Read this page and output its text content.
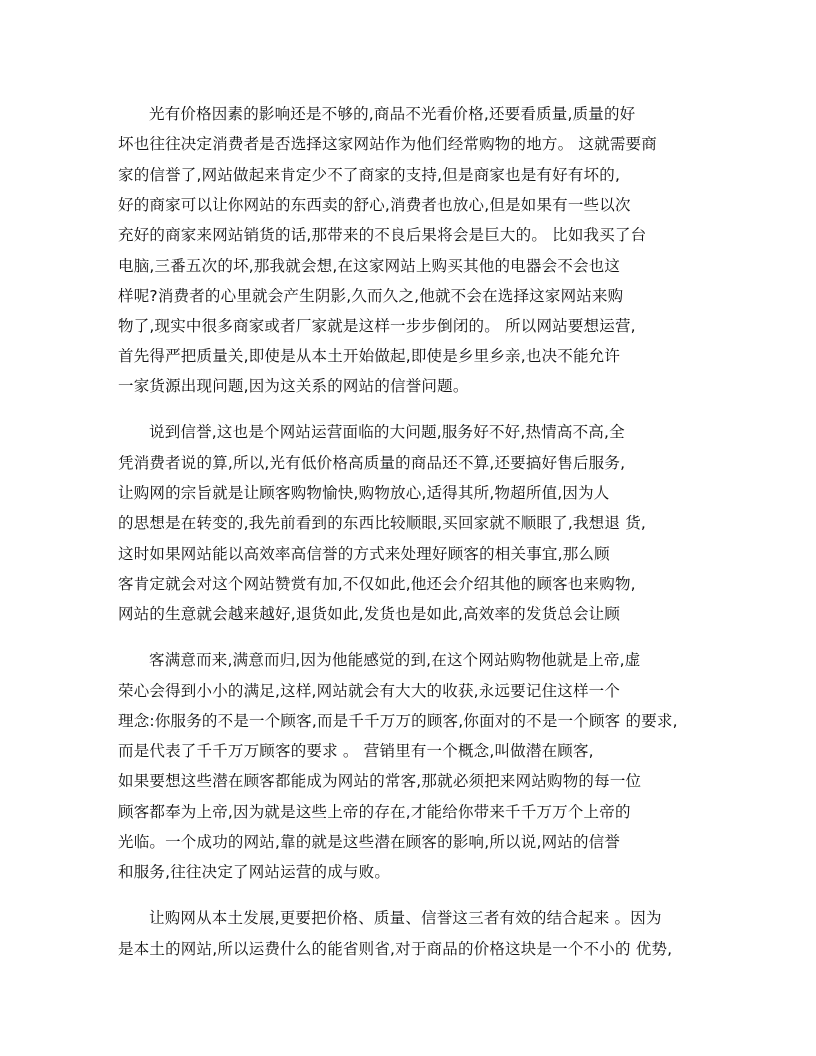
光有价格因素的影响还是不够的,商品不光看价格,还要看质量,质量的好
坏也往往决定消费者是否选择这家网站作为他们经常购物的地方。 这就需要商
家的信誉了,网站做起来肯定少不了商家的支持,但是商家也是有好有坏的,
好的商家可以让你网站的东西卖的舒心,消费者也放心,但是如果有一些以次
充好的商家来网站销货的话,那带来的不良后果将会是巨大的。 比如我买了台
电脑,三番五次的坏,那我就会想,在这家网站上购买其他的电器会不会也这
样呢?消费者的心里就会产生阴影,久而久之,他就不会在选择这家网站来购
物了,现实中很多商家或者厂家就是这样一步步倒闭的。 所以网站要想运营,
首先得严把质量关,即使是从本土开始做起,即使是乡里乡亲,也决不能允许
一家货源出现问题,因为这关系的网站的信誉问题。
说到信誉,这也是个网站运营面临的大问题,服务好不好,热情高不高,全
凭消费者说的算,所以,光有低价格高质量的商品还不算,还要搞好售后服务,
让购网的宗旨就是让顾客购物愉快,购物放心,适得其所,物超所值,因为人
的思想是在转变的,我先前看到的东西比较顺眼,买回家就不顺眼了,我想退 货,
这时如果网站能以高效率高信誉的方式来处理好顾客的相关事宜,那么顾
客肯定就会对这个网站赞赏有加,不仅如此,他还会介绍其他的顾客也来购物,
网站的生意就会越来越好,退货如此,发货也是如此,高效率的发货总会让顾
客满意而来,满意而归,因为他能感觉的到,在这个网站购物他就是上帝,虚
荣心会得到小小的满足,这样,网站就会有大大的收获,永远要记住这样一个
理念:你服务的不是一个顾客,而是千千万万的顾客,你面对的不是一个顾客 的要求,
而是代表了千千万万顾客的要求 。 营销里有一个概念,叫做潜在顾客,
如果要想这些潜在顾客都能成为网站的常客,那就必须把来网站购物的每一位
顾客都奉为上帝,因为就是这些上帝的存在,才能给你带来千千万万个上帝的
光临。一个成功的网站,靠的就是这些潜在顾客的影响,所以说,网站的信誉
和服务,往往决定了网站运营的成与败。
让购网从本土发展,更要把价格、质量、信誉这三者有效的结合起来 。因为
是本土的网站,所以运费什么的能省则省,对于商品的价格这块是一个不小的 优势,
